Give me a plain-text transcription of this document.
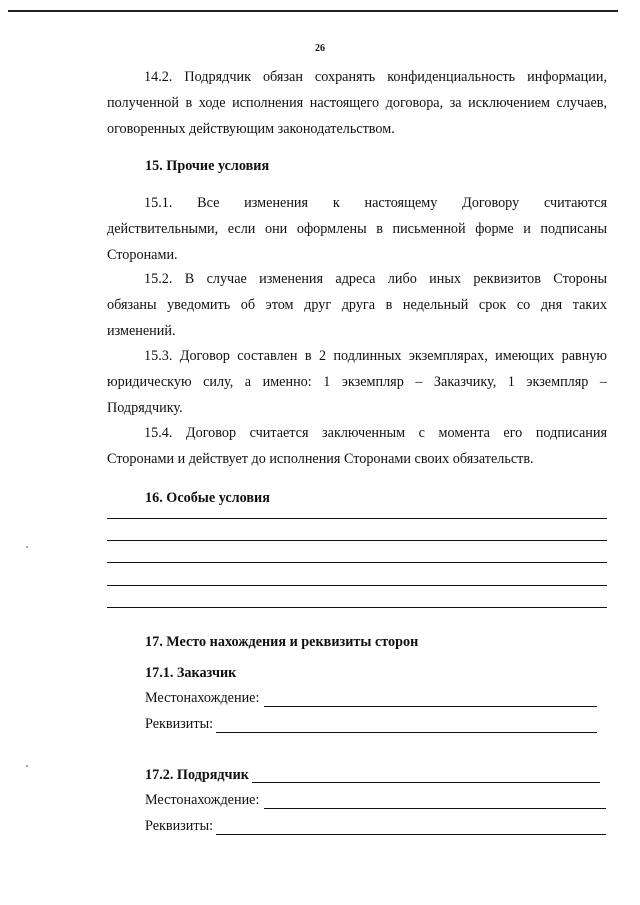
26
14.2. Подрядчик обязан сохранять конфиденциальность информации,
полученной в ходе исполнения настоящего договора, за исключением случаев,
оговоренных действующим законодательством.
15. Прочие условия
15.1. Все изменения к настоящему Договору считаются
действительными, если они оформлены в письменной форме и подписаны
Сторонами.
15.2. В случае изменения адреса либо иных реквизитов Стороны
обязаны уведомить об этом друг друга в недельный срок со дня таких
изменений.
15.3. Договор составлен в 2 подлинных экземплярах, имеющих равную
юридическую силу, а именно: 1 экземпляр – Заказчику, 1 экземпляр –
Подрядчику.
15.4. Договор считается заключенным с момента его подписания
Сторонами и действует до исполнения Сторонами своих обязательств.
16. Особые условия
17. Место нахождения и реквизиты сторон
17.1. Заказчик
Местонахождение:
Реквизиты:
17.2. Подрядчик
Местонахождение:
Реквизиты:
